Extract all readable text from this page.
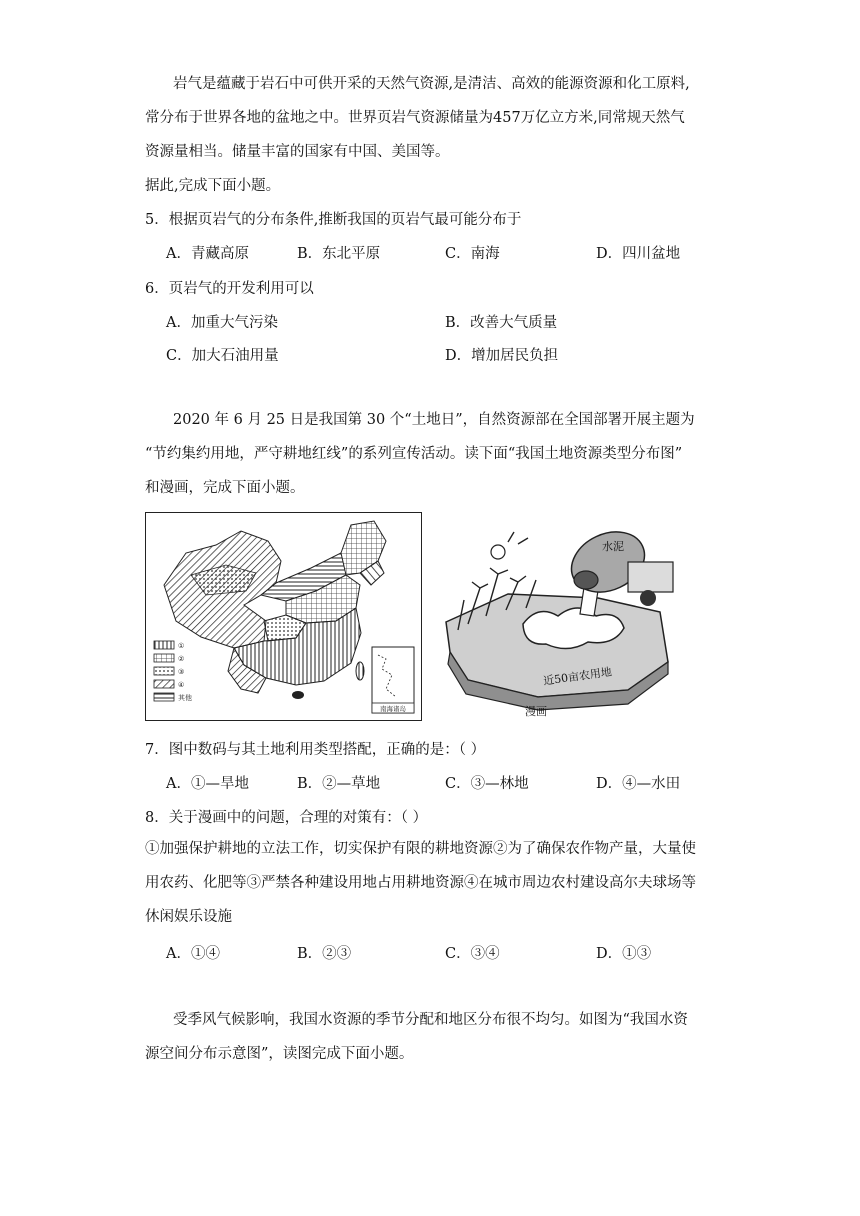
岩气是蕴藏于岩石中可供开采的天然气资源,是清洁、高效的能源资源和化工原料,
常分布于世界各地的盆地之中。世界页岩气资源储量为457万亿立方米,同常规天然气
资源量相当。储量丰富的国家有中国、美国等。
据此,完成下面小题。
5．根据页岩气的分布条件,推断我国的页岩气最可能分布于
A．青藏高原	B．东北平原	C．南海	D．四川盆地
6．页岩气的开发利用可以
A．加重大气污染	B．改善大气质量
C．加大石油用量	D．增加居民负担
2020 年 6 月 25 日是我国第 30 个“土地日”，自然资源部在全国部署开展主题为
“节约集约用地，严守耕地红线”的系列宣传活动。读下面“我国土地资源类型分布图”
和漫画，完成下面小题。
①
②
③
④
其他
南海诸岛
水泥
近50亩农用地
漫画
7．图中数码与其土地利用类型搭配，正确的是：（ ）
A．①—旱地	B．②—草地	C．③—林地	D．④—水田
8．关于漫画中的问题，合理的对策有：（ ）
①加强保护耕地的立法工作，切实保护有限的耕地资源②为了确保农作物产量，大量使
用农药、化肥等③严禁各种建设用地占用耕地资源④在城市周边农村建设高尔夫球场等
休闲娱乐设施
A．①④	B．②③	C．③④	D．①③
受季风气候影响，我国水资源的季节分配和地区分布很不均匀。如图为“我国水资
源空间分布示意图”，读图完成下面小题。
